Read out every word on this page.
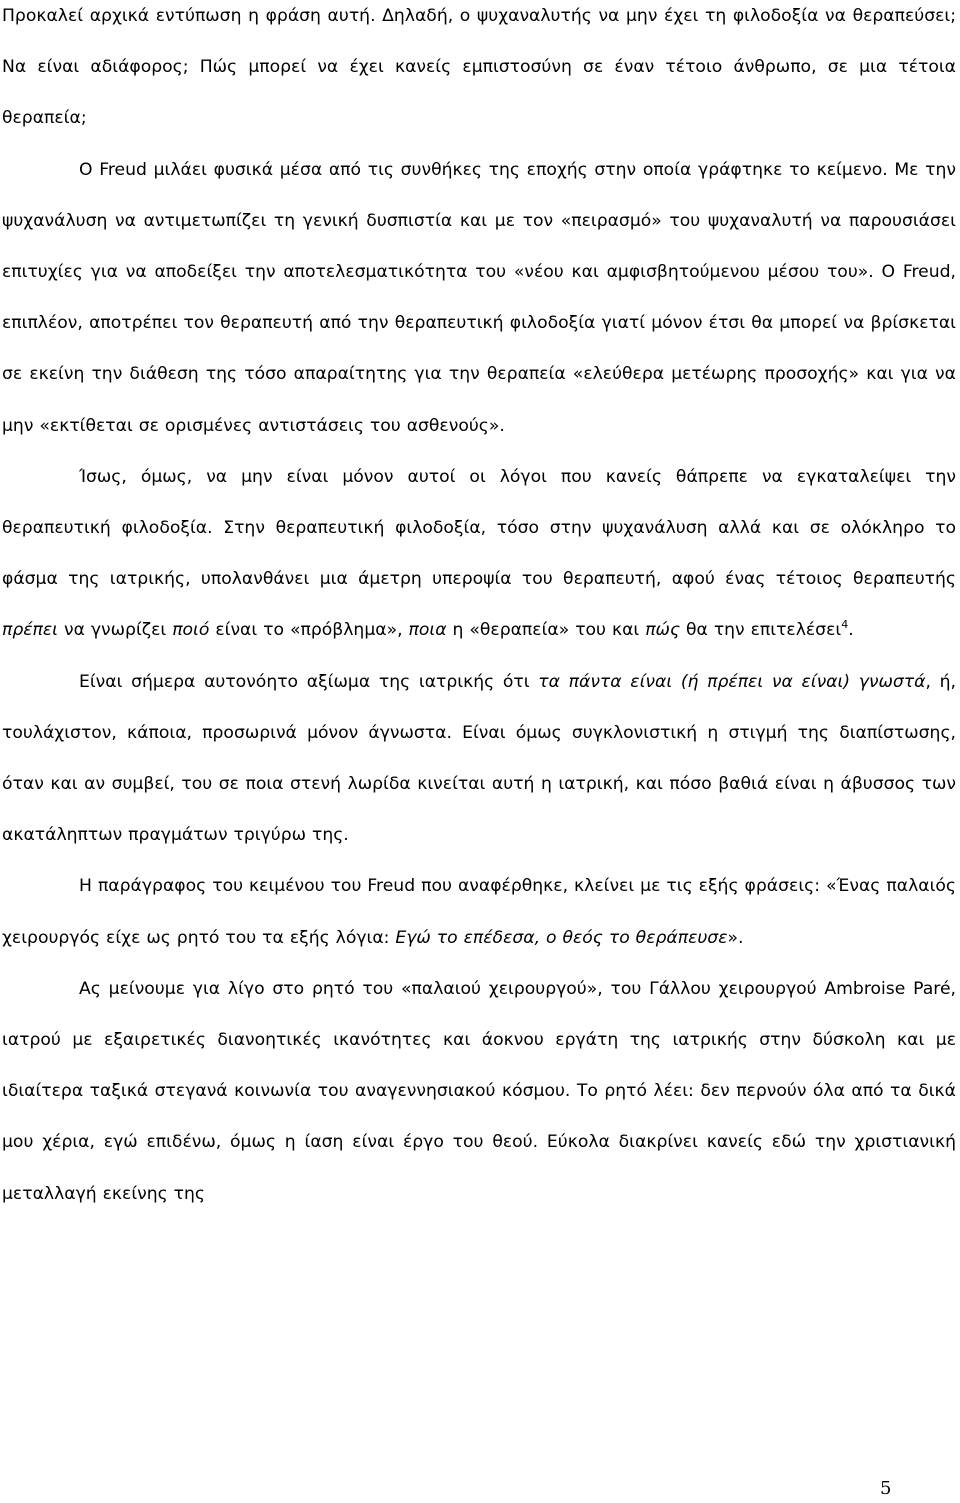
Προκαλεί αρχικά εντύπωση η φράση αυτή. Δηλαδή, ο ψυχαναλυτής να μην έχει τη φιλοδοξία να θεραπεύσει; Να είναι αδιάφορος; Πώς μπορεί να έχει κανείς εμπιστοσύνη σε έναν τέτοιο άνθρωπο, σε μια τέτοια θεραπεία;

Ο Freud μιλάει φυσικά μέσα από τις συνθήκες της εποχής στην οποία γράφτηκε το κείμενο. Με την ψυχανάλυση να αντιμετωπίζει τη γενική δυσπιστία και με τον «πειρασμό» του ψυχαναλυτή να παρουσιάσει επιτυχίες για να αποδείξει την αποτελεσματικότητα του «νέου και αμφισβητούμενου μέσου του». Ο Freud, επιπλέον, αποτρέπει τον θεραπευτή από την θεραπευτική φιλοδοξία γιατί μόνον έτσι θα μπορεί να βρίσκεται σε εκείνη την διάθεση της τόσο απαραίτητης για την θεραπεία «ελεύθερα μετέωρης προσοχής» και για να μην «εκτίθεται σε ορισμένες αντιστάσεις του ασθενούς».

Ίσως, όμως, να μην είναι μόνον αυτοί οι λόγοι που κανείς θάπρεπε να εγκαταλείψει την θεραπευτική φιλοδοξία. Στην θεραπευτική φιλοδοξία, τόσο στην ψυχανάλυση αλλά και σε ολόκληρο το φάσμα της ιατρικής, υπολανθάνει μια άμετρη υπεροψία του θεραπευτή, αφού ένας τέτοιος θεραπευτής πρέπει να γνωρίζει ποιό είναι το «πρόβλημα», ποια η «θεραπεία» του και πώς θα την επιτελέσει$^4$.

Είναι σήμερα αυτονόητο αξίωμα της ιατρικής ότι τα πάντα είναι (ή πρέπει να είναι) γνωστά, ή, τουλάχιστον, κάποια, προσωρινά μόνον άγνωστα. Είναι όμως συγκλονιστική η στιγμή της διαπίστωσης, όταν και αν συμβεί, του σε ποια στενή λωρίδα κινείται αυτή η ιατρική, και πόσο βαθιά είναι η άβυσσος των ακατάληπτων πραγμάτων τριγύρω της.

Η παράγραφος του κειμένου του Freud που αναφέρθηκε, κλείνει με τις εξής φράσεις: «Ένας παλαιός χειρουργός είχε ως ρητό του τα εξής λόγια: Εγώ το επέδεσα, ο θεός το θεράπευσε».

Ας μείνουμε για λίγο στο ρητό του «παλαιού χειρουργού», του Γάλλου χειρουργού Ambroise Paré, ιατρού με εξαιρετικές διανοητικές ικανότητες και άοκνου εργάτη της ιατρικής στην δύσκολη και με ιδιαίτερα ταξικά στεγανά κοινωνία του αναγεννησιακού κόσμου. Το ρητό λέει: δεν περνούν όλα από τα δικά μου χέρια, εγώ επιδένω, όμως η ίαση είναι έργο του θεού. Εύκολα διακρίνει κανείς εδώ την χριστιανική μεταλλαγή εκείνης της

5
